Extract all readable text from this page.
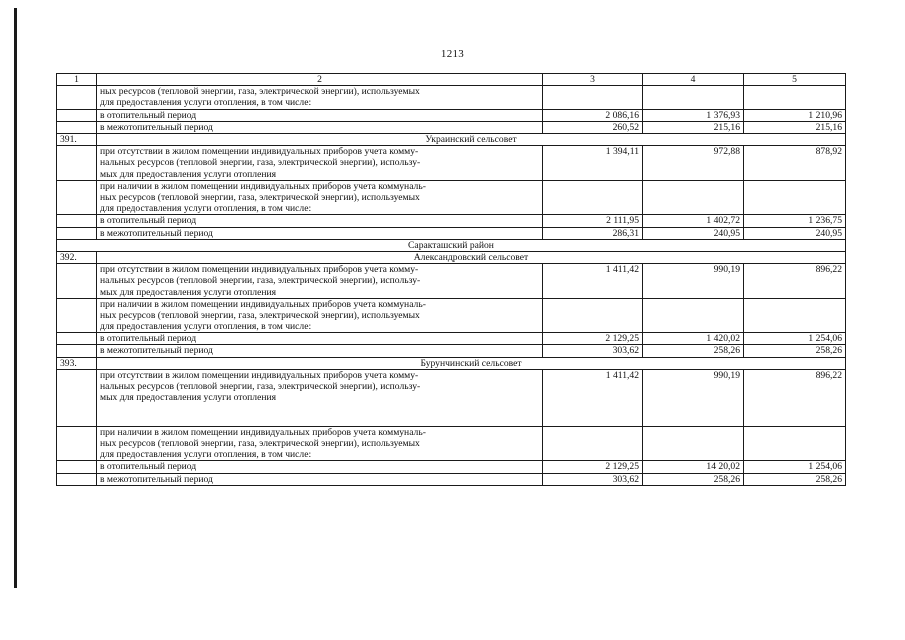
1213
1	2	3	4	5

	ных ресурсов (тепловой энергии, газа, электрической энергии), используемых
для предоставления услуги отопления, в том числе:			

	в отопительный период	2 086,16	1 376,93	1 210,96
	в межотопительный период	260,52	215,16	215,16
391.	Украинский сельсовет			

	при отсутствии в жилом помещении индивидуальных приборов учета комму-
нальных ресурсов (тепловой энергии, газа, электрической энергии), использу-
мых для предоставления услуги отопления	1 394,11	972,88	878,92

	при наличии в жилом помещении индивидуальных приборов учета коммуналь-
ных ресурсов (тепловой энергии, газа, электрической энергии), используемых
для предоставления услуги отопления, в том числе:			

	в отопительный период	2 111,95	1 402,72	1 236,75
	в межотопительный период	286,31	240,95	240,95
Саракташский район				
392.	Александровский сельсовет			

	при отсутствии в жилом помещении индивидуальных приборов учета комму-
нальных ресурсов (тепловой энергии, газа, электрической энергии), использу-
мых для предоставления услуги отопления	1 411,42	990,19	896,22

	при наличии в жилом помещении индивидуальных приборов учета коммуналь-
ных ресурсов (тепловой энергии, газа, электрической энергии), используемых
для предоставления услуги отопления, в том числе:			

	в отопительный период	2 129,25	1 420,02	1 254,06
	в межотопительный период	303,62	258,26	258,26
393.	Бурунчинский сельсовет			

	при отсутствии в жилом помещении индивидуальных приборов учета комму-
нальных ресурсов (тепловой энергии, газа, электрической энергии), использу-
мых для предоставления услуги отопления	1 411,42	990,19	896,22

	при наличии в жилом помещении индивидуальных приборов учета коммуналь-
ных ресурсов (тепловой энергии, газа, электрической энергии), используемых
для предоставления услуги отопления, в том числе:			

	в отопительный период	2 129,25	14 20,02	1 254,06
	в межотопительный период	303,62	258,26	258,26
